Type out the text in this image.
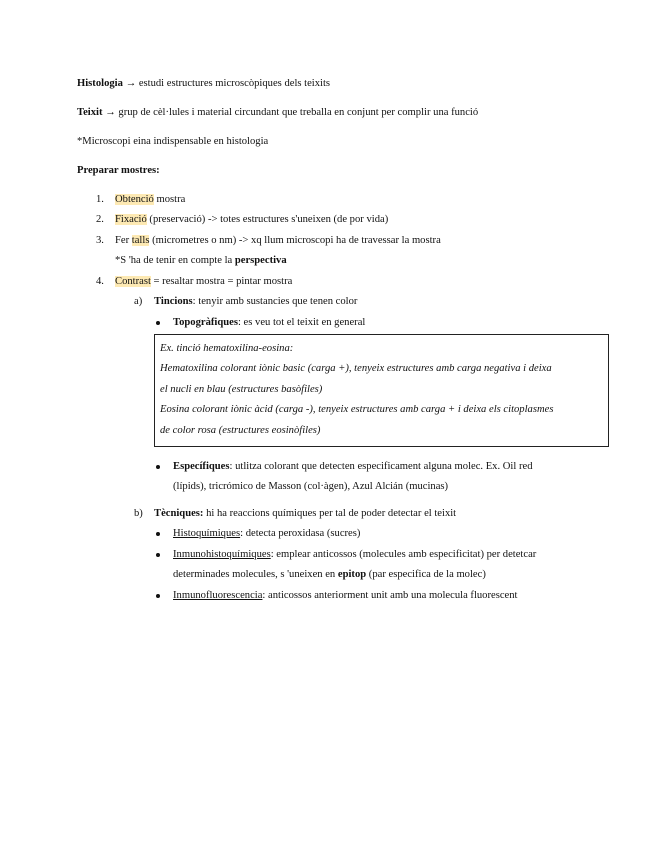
Histologia → estudi estructures microscòpiques dels teixits
Teixit → grup de cèl·lules i material circundant que treballa en conjunt per complir una funció
*Microscopi eina indispensable en histologia
Preparar mostres:
1. Obtenció mostra
2. Fixació (preservació) -> totes estructures s'uneixen (de por vida)
3. Fer talls (micrometres o nm) -> xq llum microscopi ha de travessar la mostra
*S 'ha de tenir en compte la perspectiva
4. Contrast = resaltar mostra = pintar mostra
a) Tincions: tenyir amb sustancies que tenen color
Topogràfiques: es veu tot el teixit en general
Ex. tinció hematoxilina-eosina:
Hematoxilina colorant iònic basic (carga +), tenyeix estructures amb carga negativa i deixa
el nucli en blau (estructures basòfiles)
Eosina colorant iònic àcid (carga -), tenyeix estructures amb carga + i deixa els citoplasmes
de color rosa (estructures eosinòfiles)
Específiques: utlitza colorant que detecten especificament alguna molec. Ex. Oil red
(lípids), tricrómico de Masson (col·àgen), Azul Alcián (mucinas)
b) Tècniques: hi ha reaccions químiques per tal de poder detectar el teixit
Histoquímiques: detecta peroxidasa (sucres)
Inmunohistoquímiques: emplear anticossos (molecules amb especificitat) per detetcar
determinades molecules, s 'uneixen en epitop (par especifica de la molec)
Inmunofluorescencia: anticossos anteriorment unit amb una molecula fluorescent
